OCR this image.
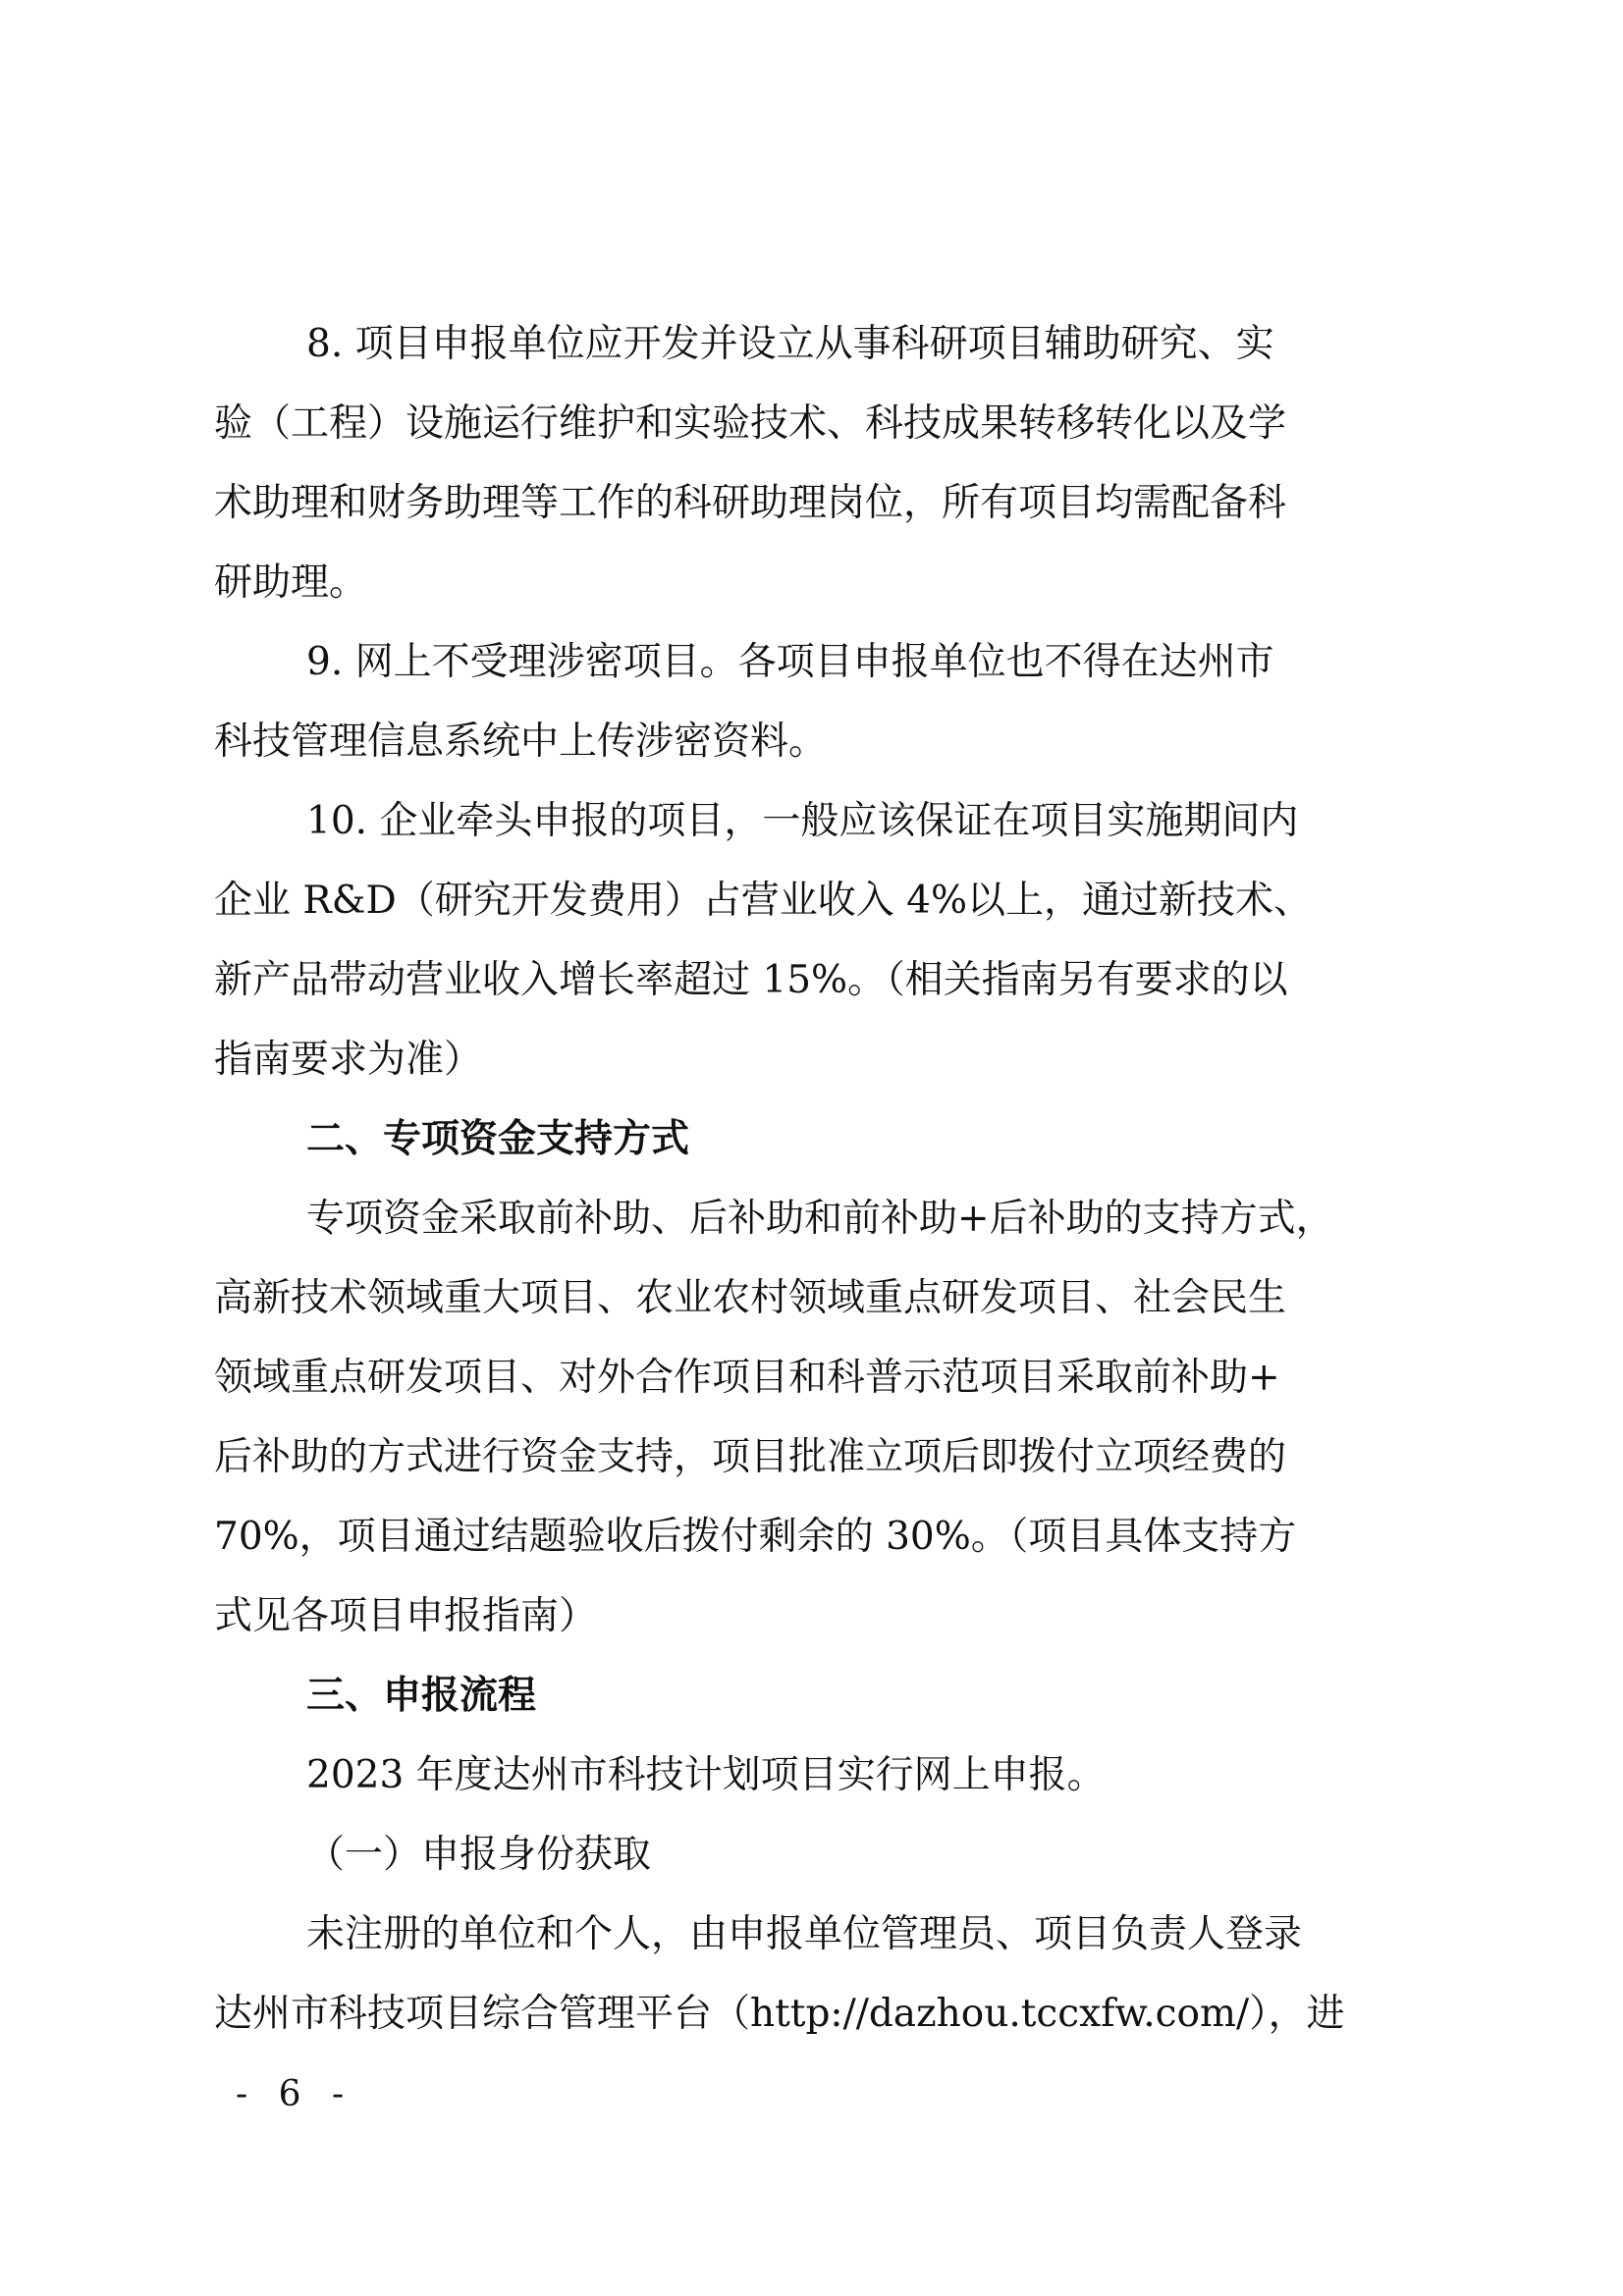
8. 项目申报单位应开发并设立从事科研项目辅助研究、实
验（工程）设施运行维护和实验技术、科技成果转移转化以及学
术助理和财务助理等工作的科研助理岗位，所有项目均需配备科
研助理。
9. 网上不受理涉密项目。各项目申报单位也不得在达州市
科技管理信息系统中上传涉密资料。
10. 企业牵头申报的项目，一般应该保证在项目实施期间内
企业 R&D（研究开发费用）占营业收入 4%以上，通过新技术、
新产品带动营业收入增长率超过 15%。（相关指南另有要求的以
指南要求为准）
二、专项资金支持方式
专项资金采取前补助、后补助和前补助+后补助的支持方式，
高新技术领域重大项目、农业农村领域重点研发项目、社会民生
领域重点研发项目、对外合作项目和科普示范项目采取前补助+
后补助的方式进行资金支持，项目批准立项后即拨付立项经费的
70%，项目通过结题验收后拨付剩余的 30%。（项目具体支持方
式见各项目申报指南）
三、申报流程
2023 年度达州市科技计划项目实行网上申报。
（一）申报身份获取
未注册的单位和个人，由申报单位管理员、项目负责人登录
达州市科技项目综合管理平台（http://dazhou.tccxfw.com/），进
- 6 -
